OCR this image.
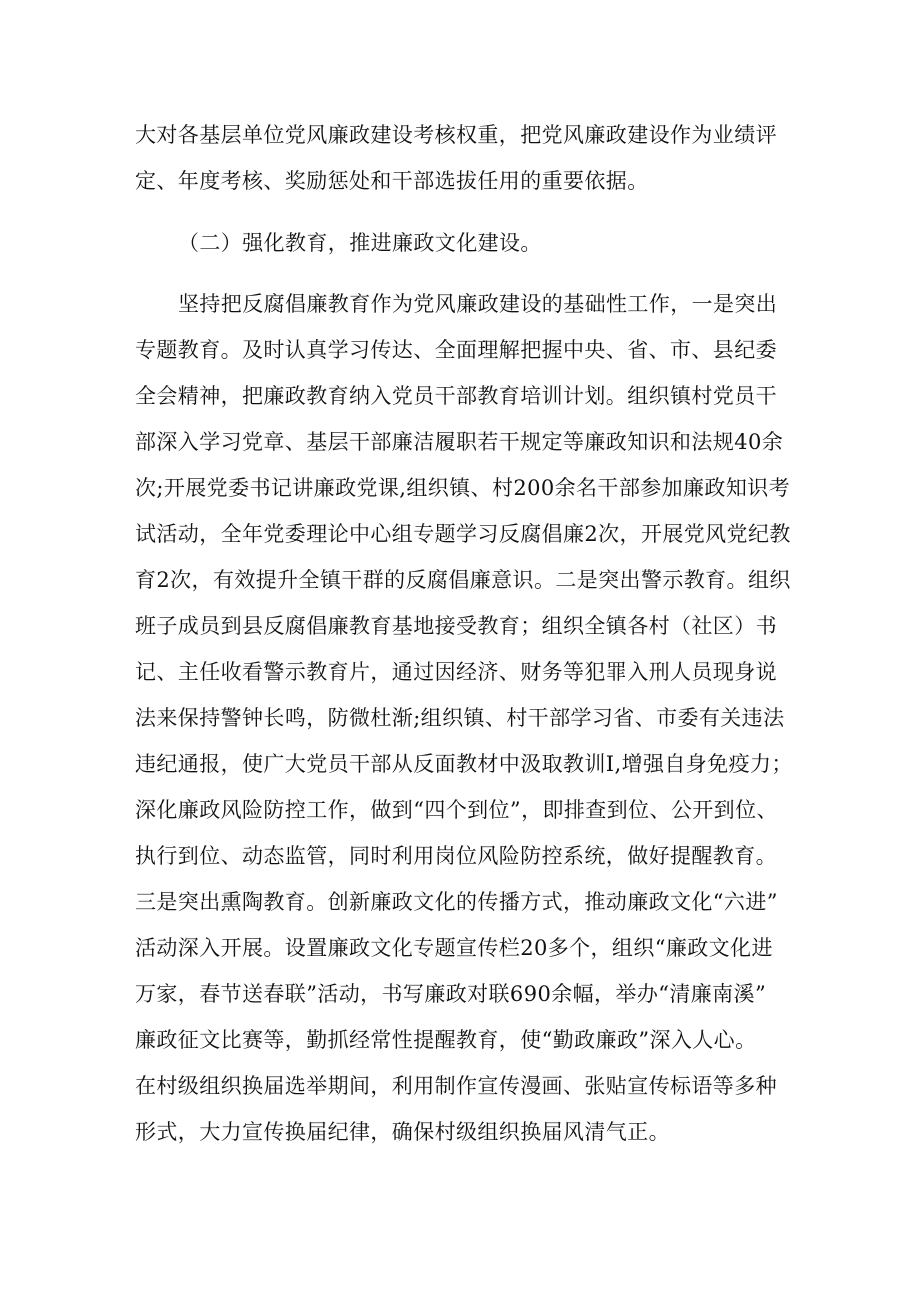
大对各基层单位党风廉政建设考核权重，把党风廉政建设作为业绩评
定、年度考核、奖励惩处和干部选拔任用的重要依据。
（二）强化教育，推进廉政文化建设。
坚持把反腐倡廉教育作为党风廉政建设的基础性工作，一是突出
专题教育。及时认真学习传达、全面理解把握中央、省、市、县纪委
全会精神，把廉政教育纳入党员干部教育培训计划。组织镇村党员干
部深入学习党章、基层干部廉洁履职若干规定等廉政知识和法规40余
次;开展党委书记讲廉政党课,组织镇、村200余名干部参加廉政知识考
试活动，全年党委理论中心组专题学习反腐倡廉2次，开展党风党纪教
育2次，有效提升全镇干群的反腐倡廉意识。二是突出警示教育。组织
班子成员到县反腐倡廉教育基地接受教育；组织全镇各村（社区）书
记、主任收看警示教育片，通过因经济、财务等犯罪入刑人员现身说
法来保持警钟长鸣，防微杜渐;组织镇、村干部学习省、市委有关违法
违纪通报，使广大党员干部从反面教材中汲取教训I,增强自身免疫力；
深化廉政风险防控工作，做到“四个到位”，即排查到位、公开到位、
执行到位、动态监管，同时利用岗位风险防控系统，做好提醒教育。
三是突出熏陶教育。创新廉政文化的传播方式，推动廉政文化“六进”
活动深入开展。设置廉政文化专题宣传栏20多个，组织“廉政文化进
万家，春节送春联”活动，书写廉政对联690余幅，举办“清廉南溪”
廉政征文比赛等，勤抓经常性提醒教育，使“勤政廉政”深入人心。
在村级组织换届选举期间，利用制作宣传漫画、张贴宣传标语等多种
形式，大力宣传换届纪律，确保村级组织换届风清气正。
